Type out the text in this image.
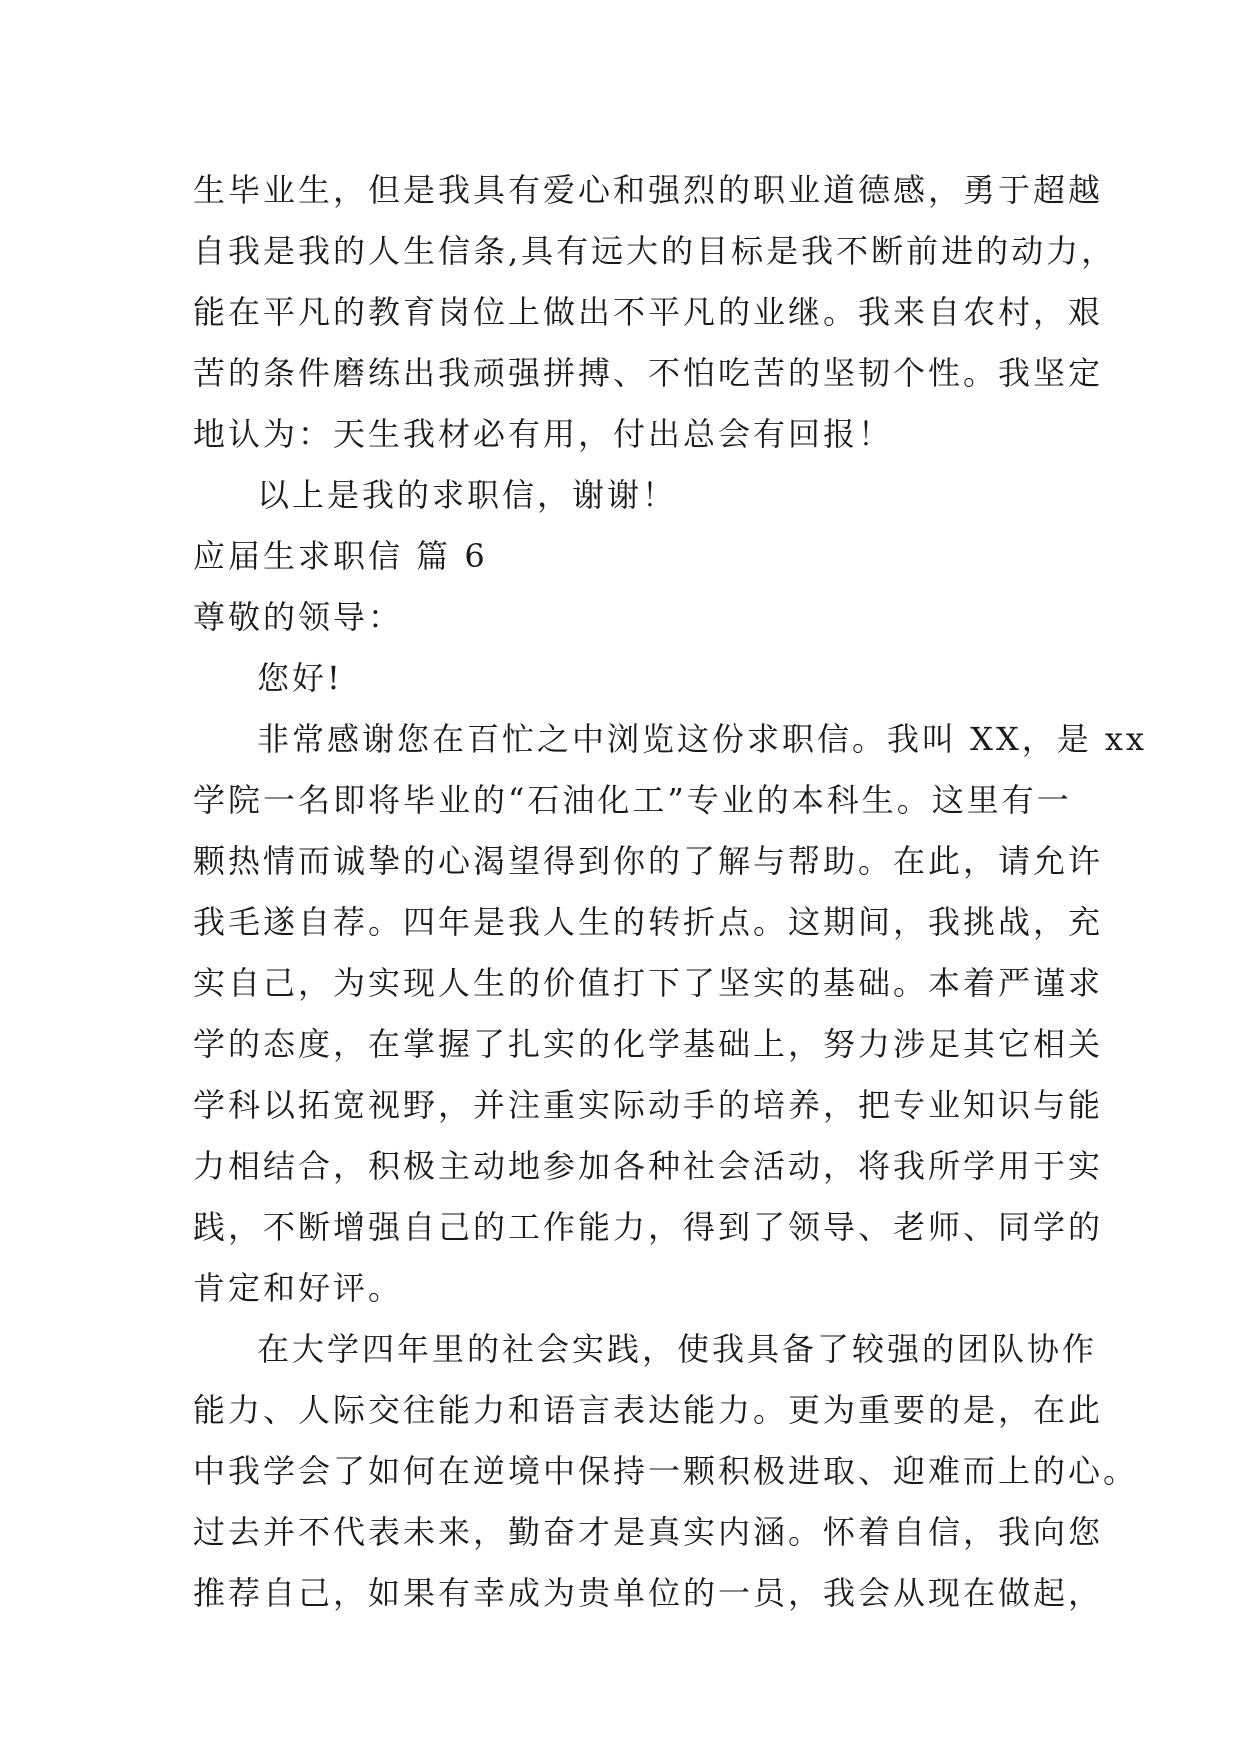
生毕业生，但是我具有爱心和强烈的职业道德感，勇于超越
自我是我的人生信条,具有远大的目标是我不断前进的动力，
能在平凡的教育岗位上做出不平凡的业继。我来自农村，艰
苦的条件磨练出我顽强拼搏、不怕吃苦的坚韧个性。我坚定
地认为：天生我材必有用，付出总会有回报！
以上是我的求职信，谢谢！
应届生求职信 篇 6
尊敬的领导：
您好!
非常感谢您在百忙之中浏览这份求职信。我叫 XX，是 xx
学院一名即将毕业的“石油化工”专业的本科生。这里有一
颗热情而诚挚的心渴望得到你的了解与帮助。在此，请允许
我毛遂自荐。四年是我人生的转折点。这期间，我挑战，充
实自己，为实现人生的价值打下了坚实的基础。本着严谨求
学的态度，在掌握了扎实的化学基础上，努力涉足其它相关
学科以拓宽视野，并注重实际动手的培养，把专业知识与能
力相结合，积极主动地参加各种社会活动，将我所学用于实
践，不断增强自己的工作能力，得到了领导、老师、同学的
肯定和好评。
在大学四年里的社会实践，使我具备了较强的团队协作
能力、人际交往能力和语言表达能力。更为重要的是，在此
中我学会了如何在逆境中保持一颗积极进取、迎难而上的心。
过去并不代表未来，勤奋才是真实内涵。怀着自信，我向您
推荐自己，如果有幸成为贵单位的一员，我会从现在做起，
